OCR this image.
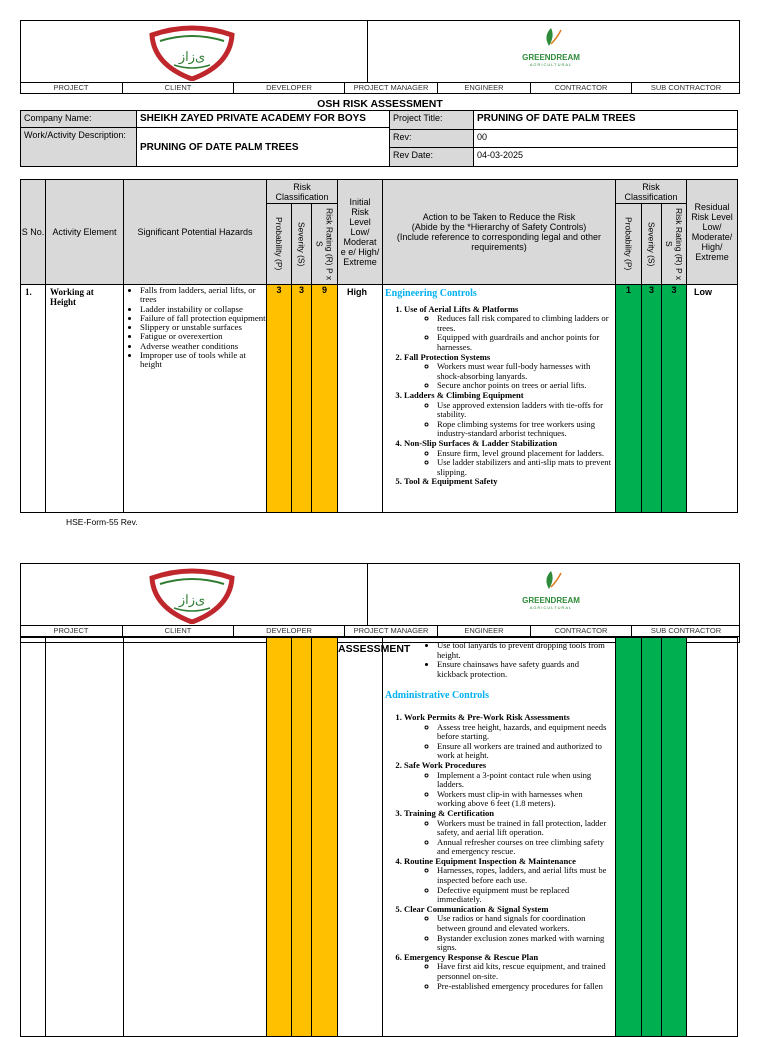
ﻯﺯﺍﺯ	GREENDREAM
AGRICULTURAL
PROJECT	CLIENT	DEVELOPER	PROJECT MANAGER	ENGINEER	CONTRACTOR	SUB CONTRACTOR
OSH RISK ASSESSMENT
Company Name:	SHEIKH ZAYED PRIVATE ACADEMY FOR BOYS
Work/Activity Description:
PRUNING OF DATE PALM TREES
Project Title:	PRUNING OF DATE PALM TREES
Rev:	00
Rev Date:	04-03-2025
S No. Activity Element	Significant Potential Hazards
Risk Classification
Probability (P) Severity (S)	Risk Rating (R) P x S
Initial Risk Level Low/ Moderat e e/ High/ Extreme
Action to be Taken to Reduce the Risk
(Abide by the *Hierarchy of Safety Controls)
(Include reference to corresponding legal and other requirements)
Risk Classification
Probability (P) Severity (S)	Risk Rating (R) P x S
Residual Risk Level Low/ Moderate/ High/ Extreme
1.	Working at Height
• Falls from ladders, aerial lifts, or trees
• Ladder instability or collapse
• Failure of fall protection equipment
• Slippery or unstable surfaces
• Fatigue or overexertion
• Adverse weather conditions
• Improper use of tools while at height
3	3	9	High	Engineering Controls
1. Use of Aerial Lifts & Platforms
◦ Reduces fall risk compared to climbing ladders or trees.
◦ Equipped with guardrails and anchor points for harnesses.
2. Fall Protection Systems
◦ Workers must wear full-body harnesses with shock-absorbing lanyards.
◦ Secure anchor points on trees or aerial lifts.
3. Ladders & Climbing Equipment
◦ Use approved extension ladders with tie-offs for stability.
◦ Rope climbing systems for tree workers using industry-standard arborist techniques.
4. Non-Slip Surfaces & Ladder Stabilization
◦ Ensure firm, level ground placement for ladders.
◦ Use ladder stabilizers and anti-slip mats to prevent slipping.
5. Tool & Equipment Safety
1	3	3	Low
HSE-Form-55 Rev.
ﻯﺯﺍﺯ	GREENDREAM
AGRICULTURAL
PROJECT	CLIENT	DEVELOPER	PROJECT MANAGER	ENGINEER	CONTRACTOR	SUB CONTRACTOR
ASSESSMENT
•	Use tool lanyards to prevent dropping tools from height.
• Ensure chainsaws have safety guards and kickback protection.
Administrative Controls
1. Work Permits & Pre-Work Risk Assessments
◦ Assess tree height, hazards, and equipment needs before starting.
◦ Ensure all workers are trained and authorized to work at height.
2. Safe Work Procedures
◦ Implement a 3-point contact rule when using ladders.
◦ Workers must clip-in with harnesses when working above 6 feet (1.8 meters).
3. Training & Certification
◦ Workers must be trained in fall protection, ladder safety, and aerial lift operation.
◦ Annual refresher courses on tree climbing safety and emergency rescue.
4. Routine Equipment Inspection & Maintenance
◦ Harnesses, ropes, ladders, and aerial lifts must be inspected before each use.
◦ Defective equipment must be replaced immediately.
5. Clear Communication & Signal System
◦ Use radios or hand signals for coordination between ground and elevated workers.
◦ Bystander exclusion zones marked with warning signs.
6. Emergency Response & Rescue Plan
◦ Have first aid kits, rescue equipment, and trained personnel on-site.
◦ Pre-established emergency procedures for fallen
